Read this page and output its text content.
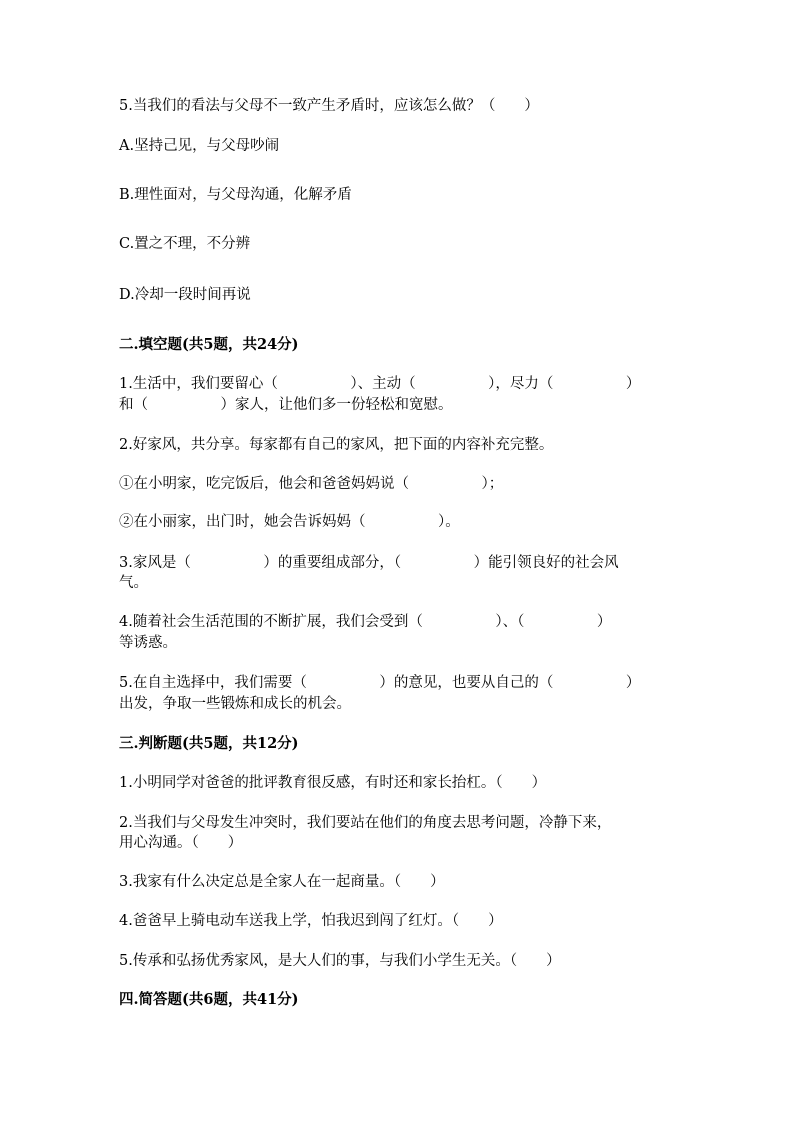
5.当我们的看法与父母不一致产生矛盾时，应该怎么做？（　　）

A.坚持己见，与父母吵闹

B.理性面对，与父母沟通，化解矛盾

C.置之不理，不分辨

D.冷却一段时间再说

二.填空题(共5题，共24分)

1.生活中，我们要留心（　　　　　）、主动（　　　　　），尽力（　　　　　）

和（　　　　　）家人，让他们多一份轻松和宽慰。

2.好家风，共分享。每家都有自己的家风，把下面的内容补充完整。

①在小明家，吃完饭后，他会和爸爸妈妈说（　　　　　）；

②在小丽家，出门时，她会告诉妈妈（　　　　　）。

3.家风是（　　　　　）的重要组成部分，（　　　　　）能引领良好的社会风

气。

4.随着社会生活范围的不断扩展，我们会受到（　　　　　）、（　　　　　）

等诱惑。

5.在自主选择中，我们需要（　　　　　）的意见，也要从自己的（　　　　　）

出发，争取一些锻炼和成长的机会。

三.判断题(共5题，共12分)

1.小明同学对爸爸的批评教育很反感，有时还和家长抬杠。（　　）

2.当我们与父母发生冲突时，我们要站在他们的角度去思考问题，冷静下来，

用心沟通。（　　）

3.我家有什么决定总是全家人在一起商量。（　　）

4.爸爸早上骑电动车送我上学，怕我迟到闯了红灯。（　　）

5.传承和弘扬优秀家风，是大人们的事，与我们小学生无关。（　　）

四.简答题(共6题，共41分)
